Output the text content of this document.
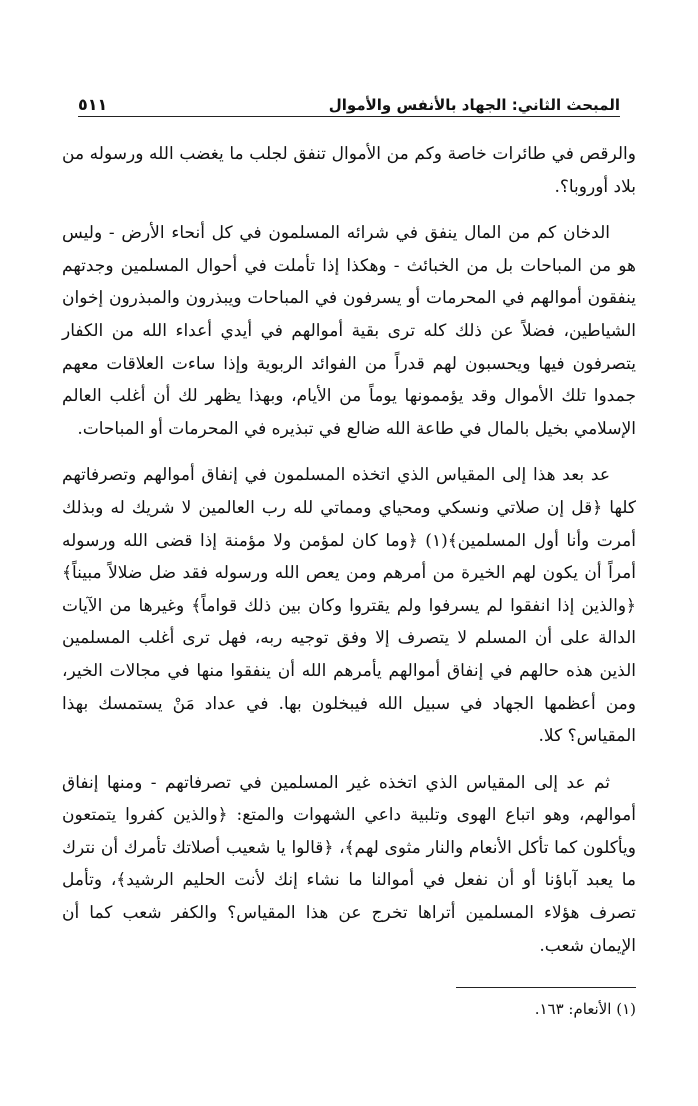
المبحث الثاني: الجهاد بالأنفس والأموال
٥١١

والرقص في طائرات خاصة وكم من الأموال تنفق لجلب ما يغضب الله ورسوله من بلاد أوروبا؟.

الدخان كم من المال ينفق في شرائه المسلمون في كل أنحاء الأرض - وليس هو من المباحات بل من الخبائث - وهكذا إذا تأملت في أحوال المسلمين وجدتهم ينفقون أموالهم في المحرمات أو يسرفون في المباحات ويبذرون والمبذرون إخوان الشياطين، فضلاً عن ذلك كله ترى بقية أموالهم في أيدي أعداء الله من الكفار يتصرفون فيها ويحسبون لهم قدراً من الفوائد الربوية وإذا ساءت العلاقات معهم جمدوا تلك الأموال وقد يؤممونها يوماً من الأيام، وبهذا يظهر لك أن أغلب العالم الإسلامي بخيل بالمال في طاعة الله ضالع في تبذيره في المحرمات أو المباحات.

عد بعد هذا إلى المقياس الذي اتخذه المسلمون في إنفاق أموالهم وتصرفاتهم كلها ﴿قل إن صلاتي ونسكي ومحياي ومماتي لله رب العالمين لا شريك له وبذلك أمرت وأنا أول المسلمين﴾(١) ﴿وما كان لمؤمن ولا مؤمنة إذا قضى الله ورسوله أمراً أن يكون لهم الخيرة من أمرهم ومن يعص الله ورسوله فقد ضل ضلالاً مبيناً﴾ ﴿والذين إذا انفقوا لم يسرفوا ولم يقتروا وكان بين ذلك قواماً﴾ وغيرها من الآيات الدالة على أن المسلم لا يتصرف إلا وفق توجيه ربه، فهل ترى أغلب المسلمين الذين هذه حالهم في إنفاق أموالهم يأمرهم الله أن ينفقوا منها في مجالات الخير، ومن أعظمها الجهاد في سبيل الله فيبخلون بها. في عداد مَنْ يستمسك بهذا المقياس؟ كلا.

ثم عد إلى المقياس الذي اتخذه غير المسلمين في تصرفاتهم - ومنها إنفاق أموالهم، وهو اتباع الهوى وتلبية داعي الشهوات والمتع: ﴿والذين كفروا يتمتعون ويأكلون كما تأكل الأنعام والنار مثوى لهم﴾، ﴿قالوا يا شعيب أصلاتك تأمرك أن نترك ما يعبد آباؤنا أو أن نفعل في أموالنا ما نشاء إنك لأنت الحليم الرشيد﴾، وتأمل تصرف هؤلاء المسلمين أتراها تخرج عن هذا المقياس؟ والكفر شعب كما أن الإيمان شعب.

(١) الأنعام: ١٦٣.
